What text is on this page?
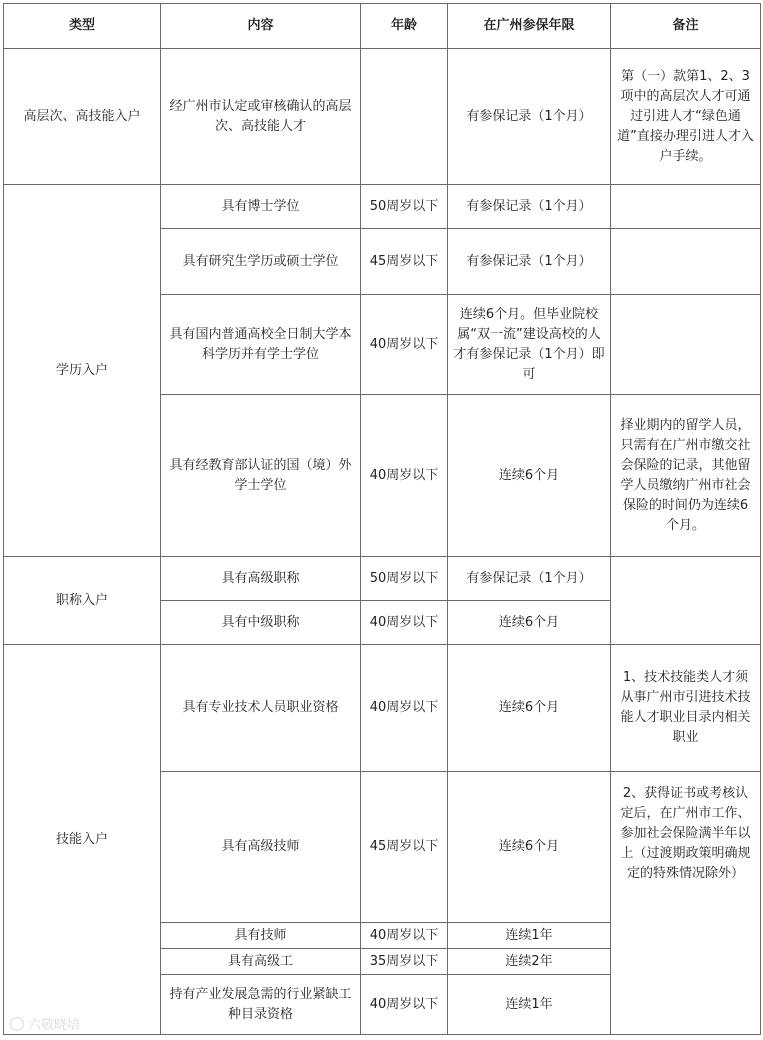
类型	内容	年龄	在广州参保年限	备注
高层次、高技能入户	经广州市认定或审核确认的高层次、高技能人才		有参保记录（1个月）	第（一）款第1、2、3项中的高层次人才可通过引进人才“绿色通道”直接办理引进人才入户手续。
学历入户	具有博士学位	50周岁以下	有参保记录（1个月）	
	具有研究生学历或硕士学位	45周岁以下	有参保记录（1个月）	
	具有国内普通高校全日制大学本科学历并有学士学位	40周岁以下	连续6个月。但毕业院校属“双一流”建设高校的人才有参保记录（1个月）即可	
	具有经教育部认证的国（境）外学士学位	40周岁以下	连续6个月	择业期内的留学人员，只需有在广州市缴交社会保险的记录，其他留学人员缴纳广州市社会保险的时间仍为连续6个月。
职称入户	具有高级职称	50周岁以下	有参保记录（1个月）	
	具有中级职称	40周岁以下	连续6个月	
技能入户	具有专业技术人员职业资格	40周岁以下	连续6个月	1、技术技能类人才须从事广州市引进技术技能人才职业目录内相关职业
	具有高级技师	45周岁以下	连续6个月	2、获得证书或考核认定后，在广州市工作、参加社会保险满半年以上（过渡期政策明确规定的特殊情况除外）
	具有技师	40周岁以下	连续1年	
	具有高级工	35周岁以下	连续2年	
	持有产业发展急需的行业紧缺工种目录资格	40周岁以下	连续1年	
六敬晓培
